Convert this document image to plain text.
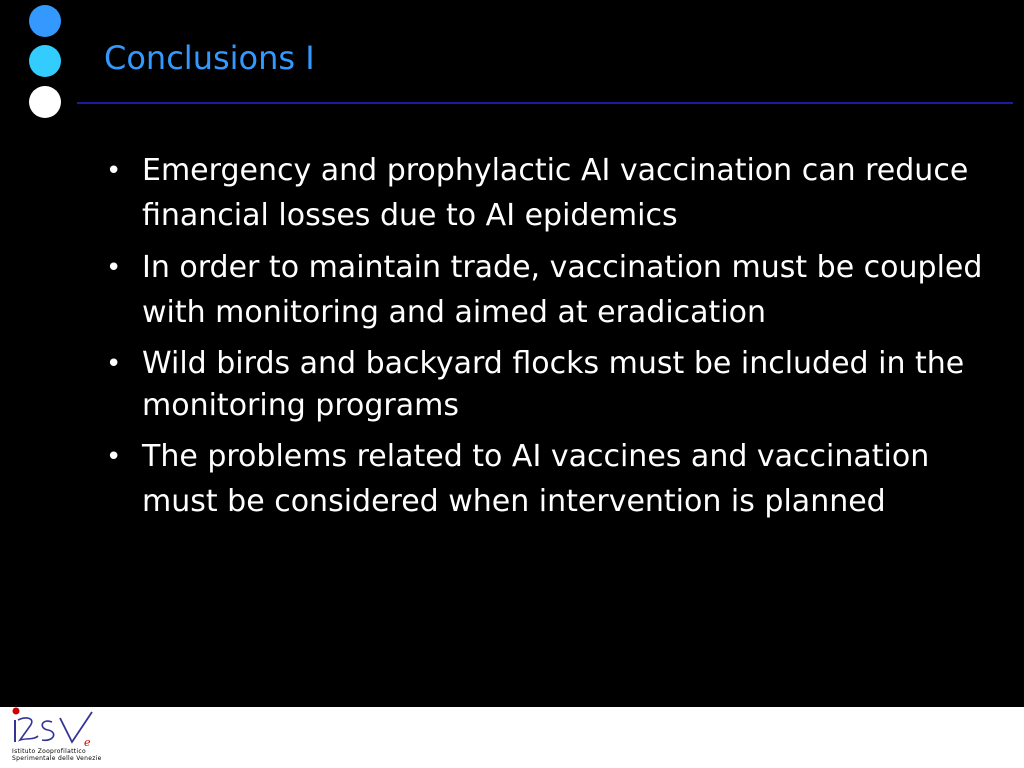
Conclusions I
• Emergency and prophylactic AI vaccination can reduce financial losses due to AI epidemics
• In order to maintain trade, vaccination must be coupled with monitoring and aimed at eradication
• Wild birds and backyard flocks must be included in the monitoring programs
• The problems related to AI vaccines and vaccination must be considered when intervention is planned
e
Istituto Zooprofilattico
Sperimentale delle Venezie
